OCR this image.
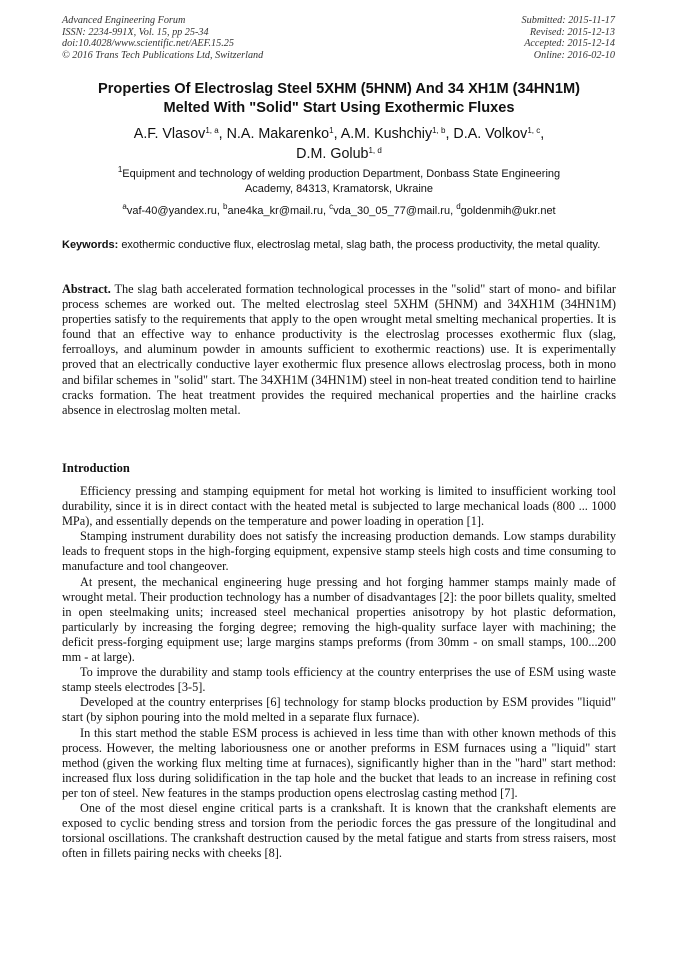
Advanced Engineering Forum
ISSN: 2234-991X, Vol. 15, pp 25-34
doi:10.4028/www.scientific.net/AEF.15.25
© 2016 Trans Tech Publications Ltd, Switzerland
Submitted: 2015-11-17
Revised: 2015-12-13
Accepted: 2015-12-14
Online: 2016-02-10
Properties Of Electroslag Steel 5XHM (5HNM) And 34 XH1M (34HN1M)
Melted With "Solid" Start Using Exothermic Fluxes
A.F. Vlasov$^{1, a}$, N.A. Makarenko$^1$, A.M. Kushchiy$^{1, b}$, D.A. Volkov$^{1, c}$,
D.M. Golub$^{1, d}$
$^1$Equipment and technology of welding production Department, Donbass State Engineering
Academy, 84313, Kramatorsk, Ukraine
$^a$vaf-40@yandex.ru, $^b$ane4ka_kr@mail.ru, $^c$vda_30_05_77@mail.ru, $^d$goldenmih@ukr.net
Keywords: exothermic conductive flux, electroslag metal, slag bath, the process productivity, the metal quality.
Abstract. The slag bath accelerated formation technological processes in the "solid" start of mono- and bifilar process schemes are worked out. The melted electroslag steel 5XHM (5HNM) and 34XH1M (34HN1M) properties satisfy to the requirements that apply to the open wrought metal smelting mechanical properties. It is found that an effective way to enhance productivity is the electroslag processes exothermic flux (slag, ferroalloys, and aluminum powder in amounts sufficient to exothermic reactions) use. It is experimentally proved that an electrically conductive layer exothermic flux presence allows electroslag process, both in mono and bifilar schemes in "solid" start. The 34XH1M (34HN1M) steel in non-heat treated condition tend to hairline cracks formation. The heat treatment provides the required mechanical properties and the hairline cracks absence in electroslag molten metal.
Introduction

Efficiency pressing and stamping equipment for metal hot working is limited to insufficient working tool durability, since it is in direct contact with the heated metal is subjected to large mechanical loads (800 ... 1000 MPa), and essentially depends on the temperature and power loading in operation [1].

Stamping instrument durability does not satisfy the increasing production demands. Low stamps durability leads to frequent stops in the high-forging equipment, expensive stamp steels high costs and time consuming to manufacture and tool changeover.

At present, the mechanical engineering huge pressing and hot forging hammer stamps mainly made of wrought metal. Their production technology has a number of disadvantages [2]: the poor billets quality, smelted in open steelmaking units; increased steel mechanical properties anisotropy by hot plastic deformation, particularly by increasing the forging degree; removing the high-quality surface layer with machining; the deficit press-forging equipment use; large margins stamps preforms (from 30mm - on small stamps, 100...200 mm - at large).

To improve the durability and stamp tools efficiency at the country enterprises the use of ESM using waste stamp steels electrodes [3-5].

Developed at the country enterprises [6] technology for stamp blocks production by ESM provides "liquid" start (by siphon pouring into the mold melted in a separate flux furnace).

In this start method the stable ESM process is achieved in less time than with other known methods of this process. However, the melting laboriousness one or another preforms in ESM furnaces using a "liquid" start method (given the working flux melting time at furnaces), significantly higher than in the "hard" start method: increased flux loss during solidification in the tap hole and the bucket that leads to an increase in refining cost per ton of steel. New features in the stamps production opens electroslag casting method [7].

One of the most diesel engine critical parts is a crankshaft. It is known that the crankshaft elements are exposed to cyclic bending stress and torsion from the periodic forces the gas pressure of the longitudinal and torsional oscillations. The crankshaft destruction caused by the metal fatigue and starts from stress raisers, most often in fillets pairing necks with cheeks [8].
